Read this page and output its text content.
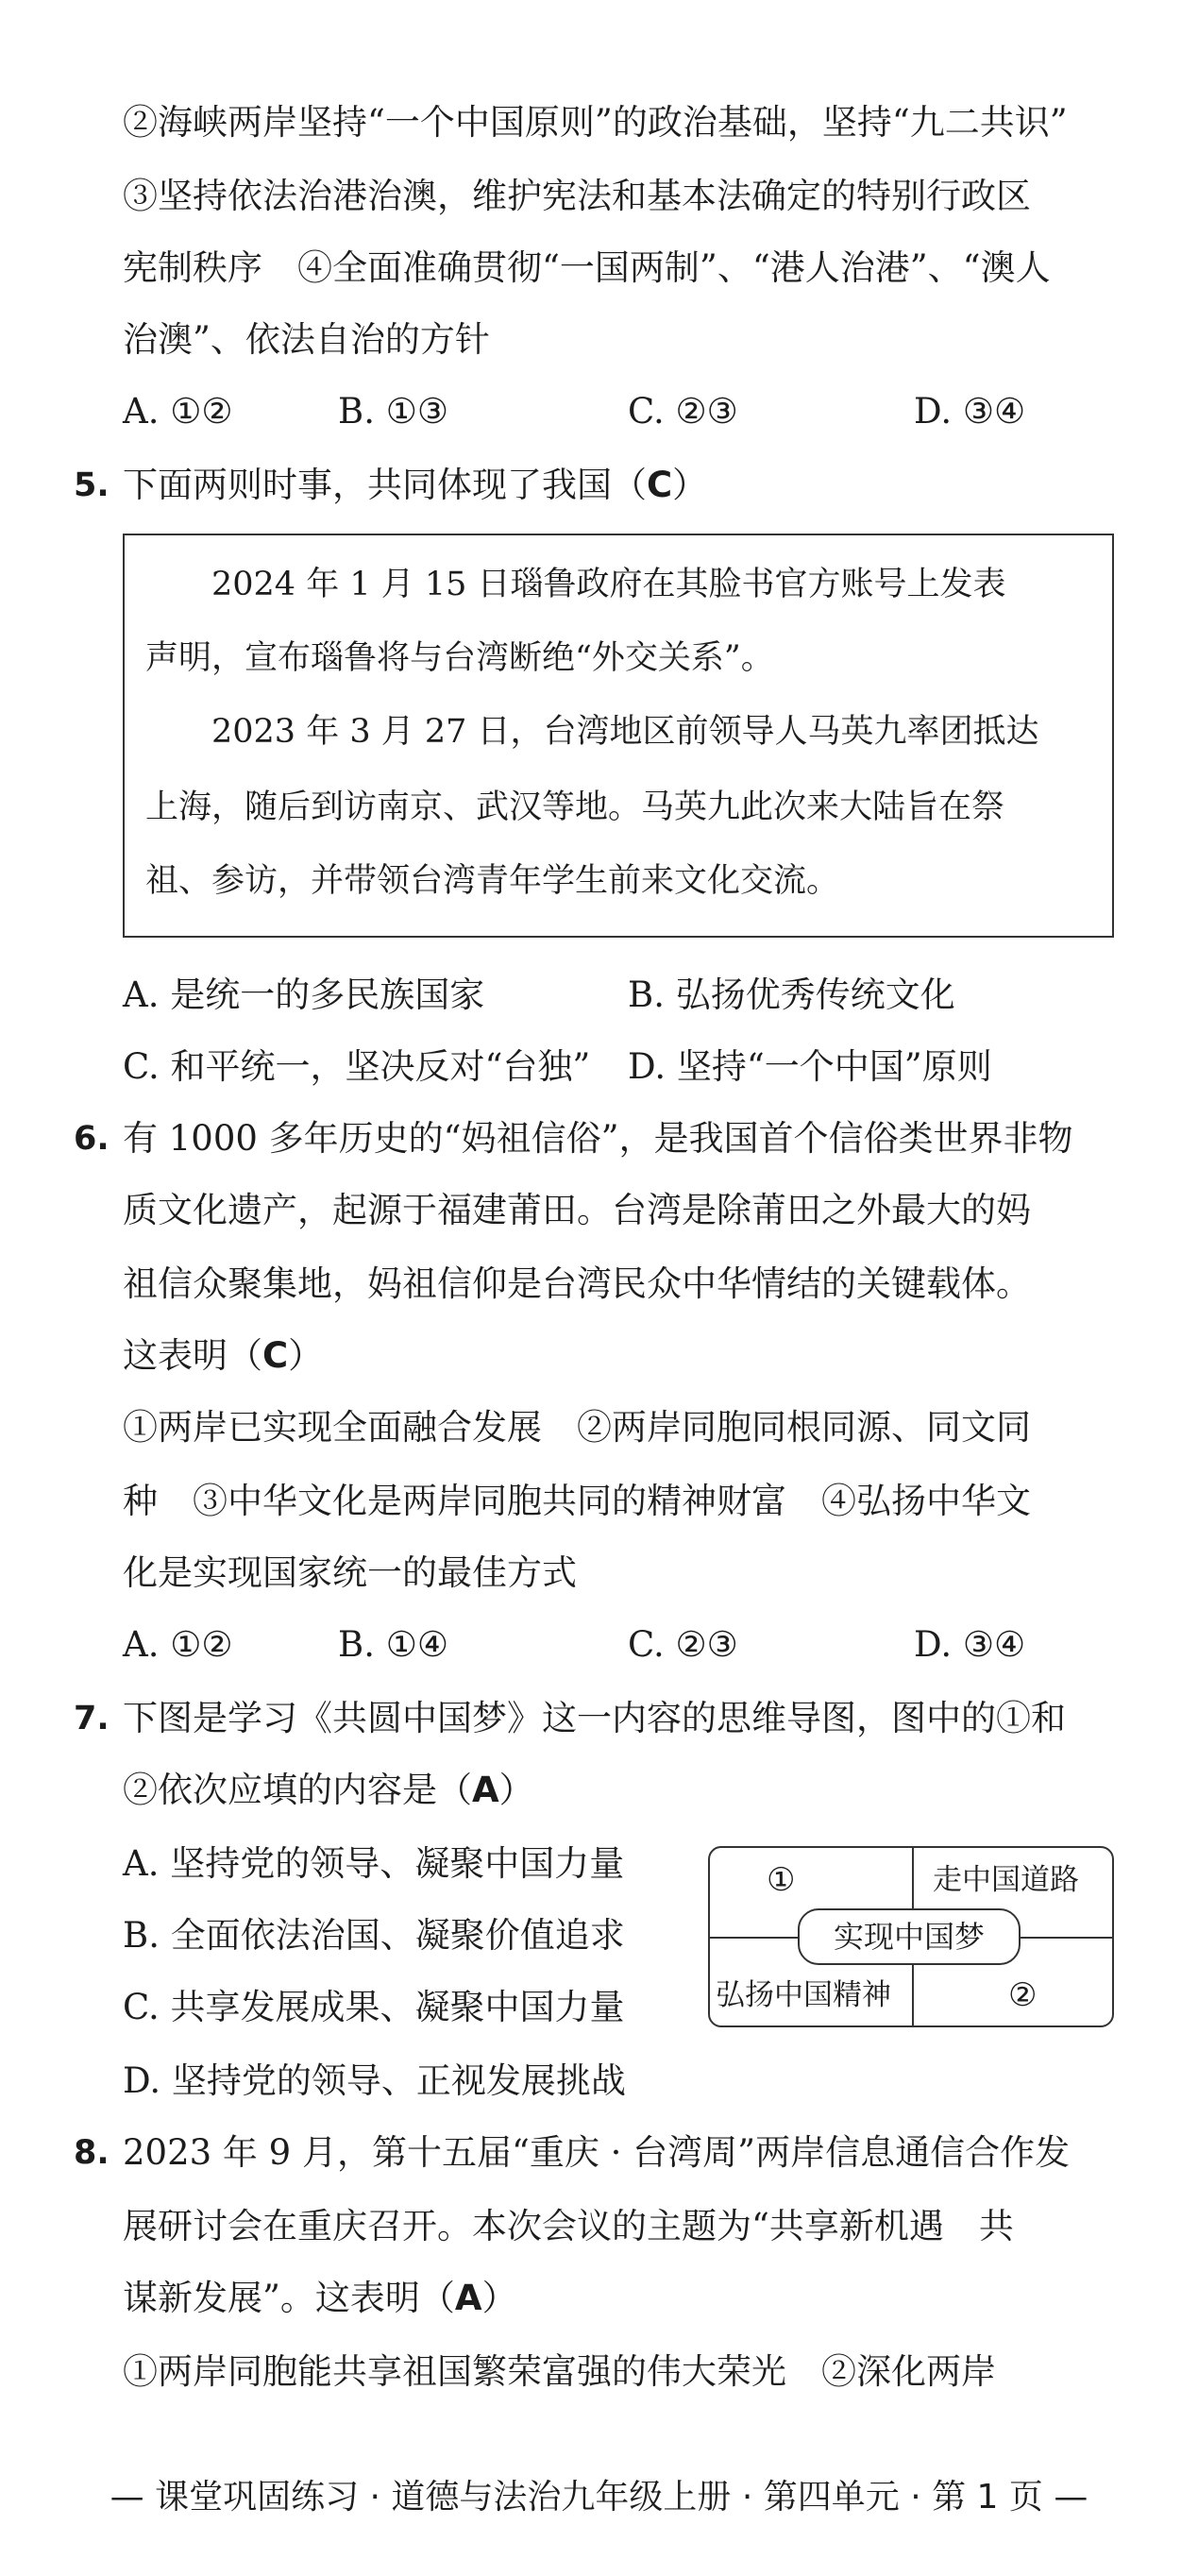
②海峡两岸坚持“一个中国原则”的政治基础，坚持“九二共识”
③坚持依法治港治澳，维护宪法和基本法确定的特别行政区
宪制秩序　④全面准确贯彻“一国两制”、“港人治港”、“澳人
治澳”、依法自治的方针
A. ①②	B. ①③	C. ②③	D. ③④
5. 下面两则时事，共同体现了我国（C）
2024 年 1 月 15 日瑙鲁政府在其脸书官方账号上发表
声明，宣布瑙鲁将与台湾断绝“外交关系”。
2023 年 3 月 27 日，台湾地区前领导人马英九率团抵达
上海，随后到访南京、武汉等地。马英九此次来大陆旨在祭
祖、参访，并带领台湾青年学生前来文化交流。
A. 是统一的多民族国家	B. 弘扬优秀传统文化
C. 和平统一，坚决反对“台独” D. 坚持“一个中国”原则
6. 有 1000 多年历史的“妈祖信俗”，是我国首个信俗类世界非物
质文化遗产，起源于福建莆田。台湾是除莆田之外最大的妈
祖信众聚集地，妈祖信仰是台湾民众中华情结的关键载体。
这表明（C）
①两岸已实现全面融合发展　②两岸同胞同根同源、同文同
种　③中华文化是两岸同胞共同的精神财富　④弘扬中华文
化是实现国家统一的最佳方式
A. ①②	B. ①④	C. ②③	D. ③④
7. 下图是学习《共圆中国梦》这一内容的思维导图，图中的①和
②依次应填的内容是（A）
A. 坚持党的领导、凝聚中国力量
B. 全面依法治国、凝聚价值追求
C. 共享发展成果、凝聚中国力量
D. 坚持党的领导、正视发展挑战
①	走中国道路
弘扬中国精神	②
实现中国梦
8. 2023 年 9 月，第十五届“重庆 · 台湾周”两岸信息通信合作发
展研讨会在重庆召开。本次会议的主题为“共享新机遇　共
谋新发展”。这表明（A）
①两岸同胞能共享祖国繁荣富强的伟大荣光　②深化两岸
— 课堂巩固练习 · 道德与法治九年级上册 · 第四单元 · 第 1 页 —
